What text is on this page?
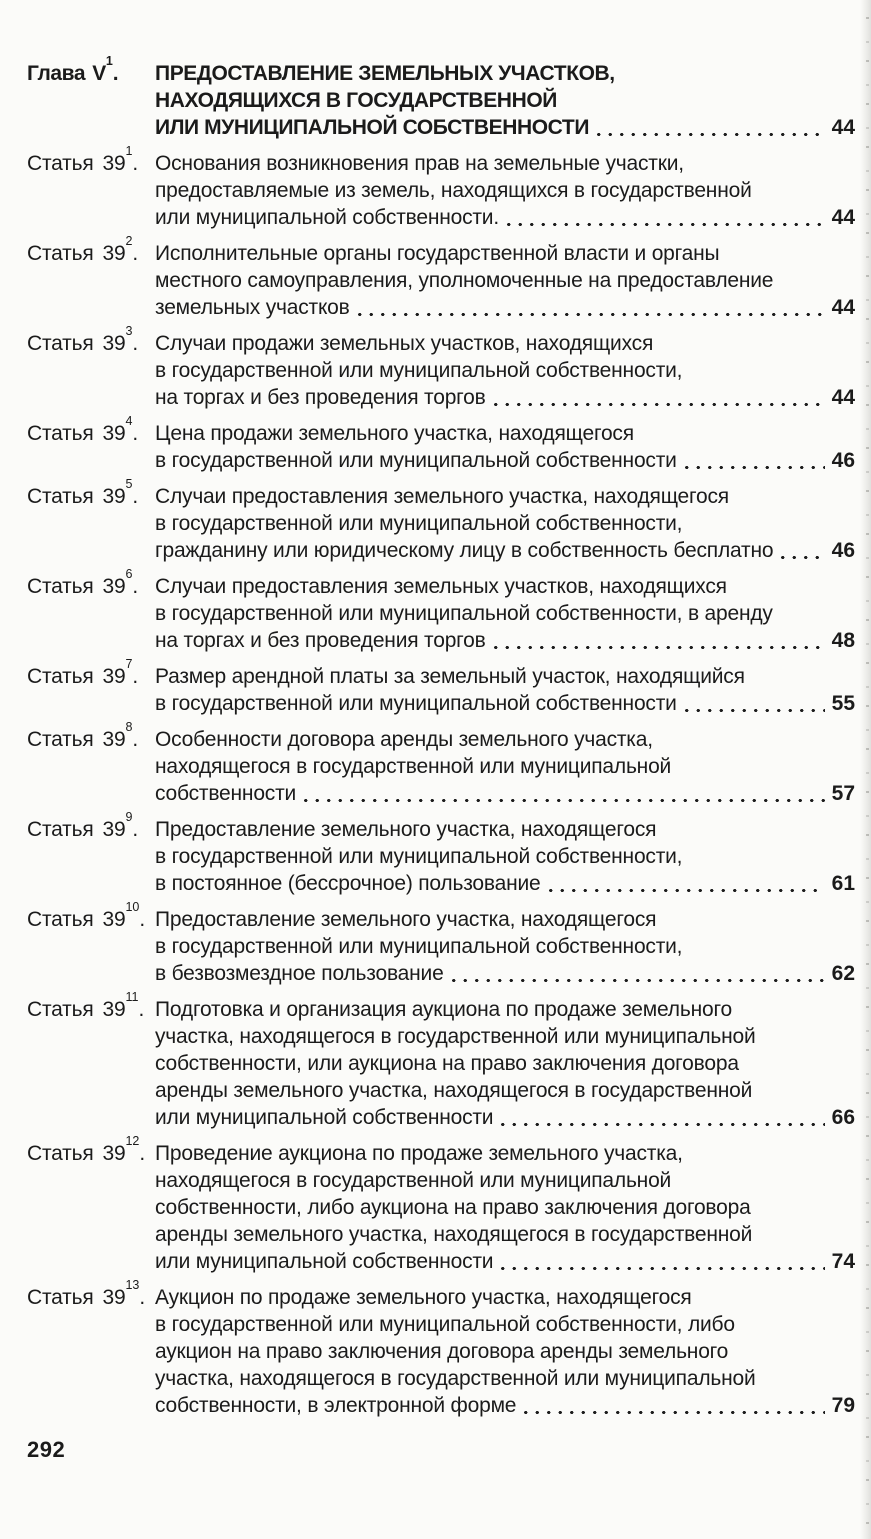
Глава $V^1$. ПРЕДОСТАВЛЕНИЕ ЗЕМЕЛЬНЫХ УЧАСТКОВ,
НАХОДЯЩИХСЯ В ГОСУДАРСТВЕННОЙ
ИЛИ МУНИЦИПАЛЬНОЙ СОБСТВЕННОСТИ	44
Статья $39^1$. Основания возникновения прав на земельные участки,
предоставляемые из земель, находящихся в государственной
или муниципальной собственности.	44
Статья $39^2$. Исполнительные органы государственной власти и органы
местного самоуправления, уполномоченные на предоставление
земельных участков	44
Статья $39^3$. Случаи продажи земельных участков, находящихся
в государственной или муниципальной собственности,
на торгах и без проведения торгов	44
Статья $39^4$. Цена продажи земельного участка, находящегося
в государственной или муниципальной собственности	46
Статья $39^5$. Случаи предоставления земельного участка, находящегося
в государственной или муниципальной собственности,
гражданину или юридическому лицу в собственность бесплатно	46
Статья $39^6$. Случаи предоставления земельных участков, находящихся
в государственной или муниципальной собственности, в аренду
на торгах и без проведения торгов	48
Статья $39^7$. Размер арендной платы за земельный участок, находящийся
в государственной или муниципальной собственности	55
Статья $39^8$. Особенности договора аренды земельного участка,
находящегося в государственной или муниципальной
собственности	57
Статья $39^9$. Предоставление земельного участка, находящегося
в государственной или муниципальной собственности,
в постоянное (бессрочное) пользование	61
Статья $39^{10}$. Предоставление земельного участка, находящегося
в государственной или муниципальной собственности,
в безвозмездное пользование	62
Статья $39^{11}$. Подготовка и организация аукциона по продаже земельного
участка, находящегося в государственной или муниципальной
собственности, или аукциона на право заключения договора
аренды земельного участка, находящегося в государственной
или муниципальной собственности	66
Статья $39^{12}$. Проведение аукциона по продаже земельного участка,
находящегося в государственной или муниципальной
собственности, либо аукциона на право заключения договора
аренды земельного участка, находящегося в государственной
или муниципальной собственности	74
Статья $39^{13}$. Аукцион по продаже земельного участка, находящегося
в государственной или муниципальной собственности, либо
аукцион на право заключения договора аренды земельного
участка, находящегося в государственной или муниципальной
собственности, в электронной форме	79
292
